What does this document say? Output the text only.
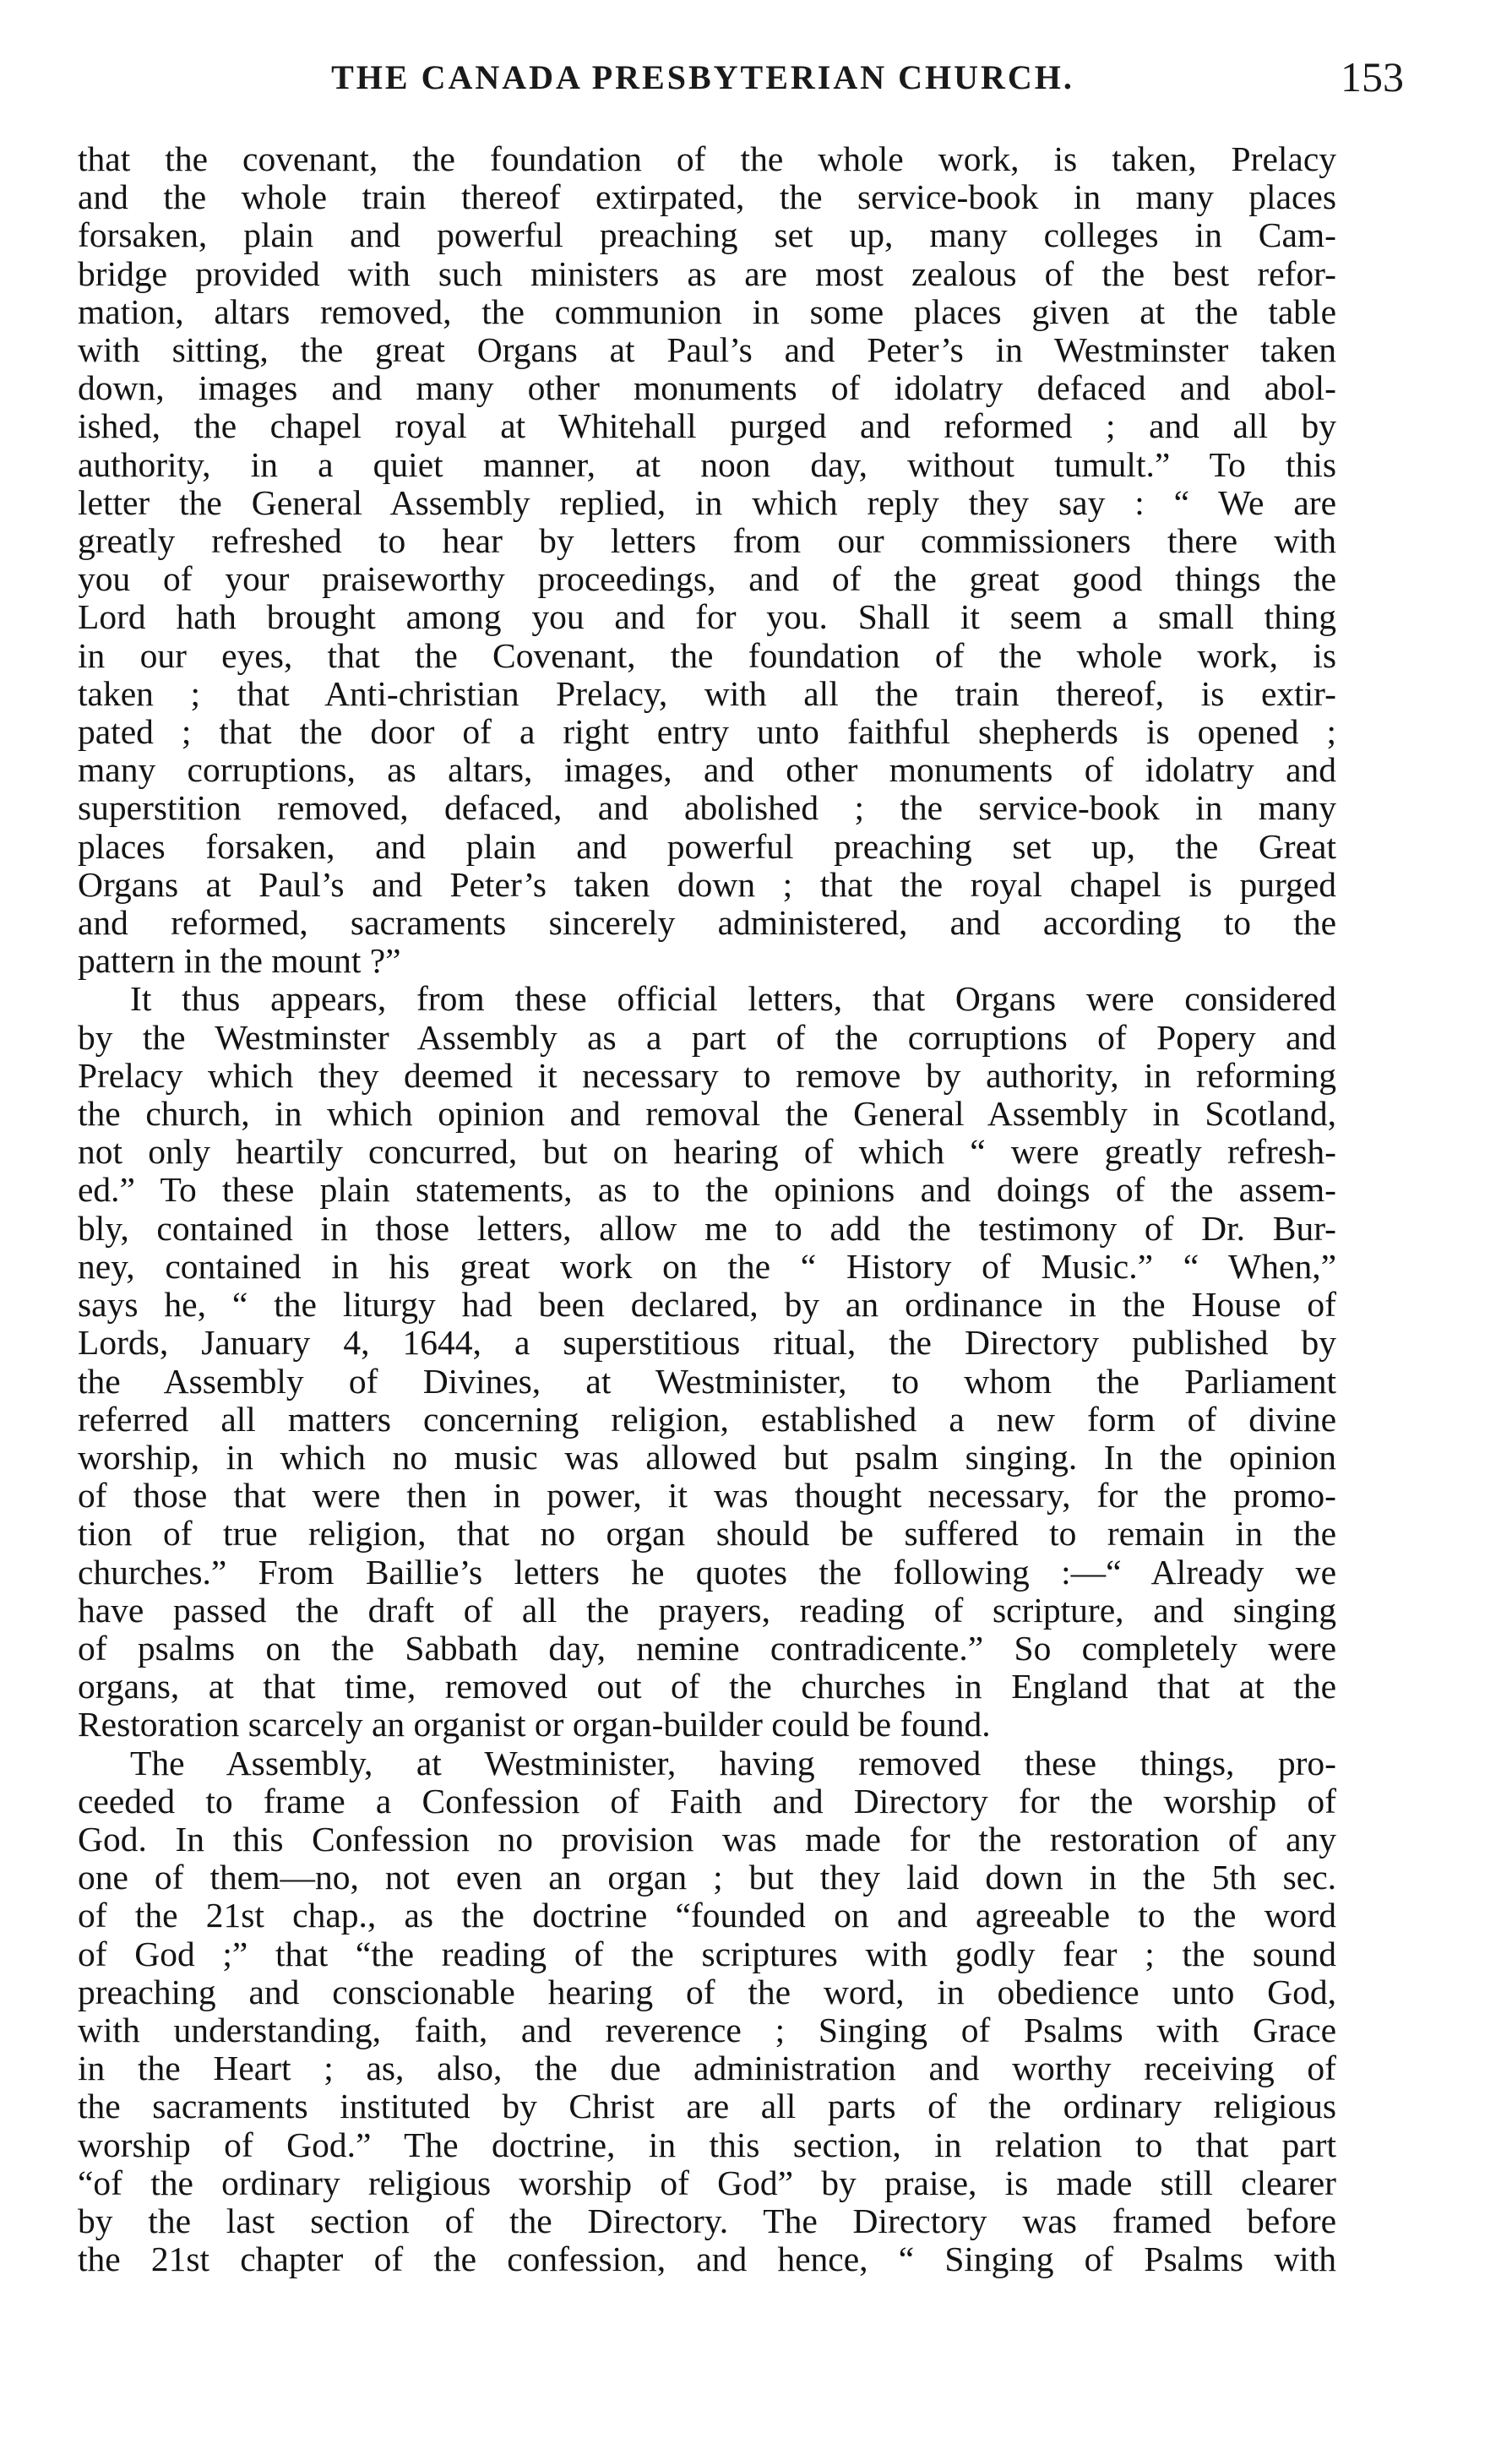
THE CANADA PRESBYTERIAN CHURCH.	153

that the covenant, the foundation of the whole work, is taken, Prelacy

and the whole train thereof extirpated, the service-book in many places

forsaken, plain and powerful preaching set up, many colleges in Cam-

bridge provided with such ministers as are most zealous of the best refor-

mation, altars removed, the communion in some places given at the table

with sitting, the great Organs at Paul’s and Peter’s in Westminster taken

down, images and many other monuments of idolatry defaced and abol-

ished, the chapel royal at Whitehall purged and reformed ; and all by

authority, in a quiet manner, at noon day, without tumult.” To this

letter the General Assembly replied, in which reply they say : “ We are

greatly refreshed to hear by letters from our commissioners there with

you of your praiseworthy proceedings, and of the great good things the

Lord hath brought among you and for you. Shall it seem a small thing

in our eyes, that the Covenant, the foundation of the whole work, is

taken ; that Anti-christian Prelacy, with all the train thereof, is extir-

pated ; that the door of a right entry unto faithful shepherds is opened ;

many corruptions, as altars, images, and other monuments of idolatry and

superstition removed, defaced, and abolished ; the service-book in many

places forsaken, and plain and powerful preaching set up, the Great

Organs at Paul’s and Peter’s taken down ; that the royal chapel is purged

and reformed, sacraments sincerely administered, and according to the

pattern in the mount ?”

It thus appears, from these official letters, that Organs were considered

by the Westminster Assembly as a part of the corruptions of Popery and

Prelacy which they deemed it necessary to remove by authority, in reforming

the church, in which opinion and removal the General Assembly in Scotland,

not only heartily concurred, but on hearing of which “ were greatly refresh-

ed.” To these plain statements, as to the opinions and doings of the assem-

bly, contained in those letters, allow me to add the testimony of Dr. Bur-

ney, contained in his great work on the “ History of Music.” “ When,”

says he, “ the liturgy had been declared, by an ordinance in the House of

Lords, January 4, 1644, a superstitious ritual, the Directory published by

the Assembly of Divines, at Westminister, to whom the Parliament

referred all matters concerning religion, established a new form of divine

worship, in which no music was allowed but psalm singing. In the opinion

of those that were then in power, it was thought necessary, for the promo-

tion of true religion, that no organ should be suffered to remain in the

churches.” From Baillie’s letters he quotes the following :—“ Already we

have passed the draft of all the prayers, reading of scripture, and singing

of psalms on the Sabbath day, nemine contradicente.” So completely were

organs, at that time, removed out of the churches in England that at the

Restoration scarcely an organist or organ-builder could be found.

The Assembly, at Westminister, having removed these things, pro-

ceeded to frame a Confession of Faith and Directory for the worship of

God. In this Confession no provision was made for the restoration of any

one of them—no, not even an organ ; but they laid down in the 5th sec.

of the 21st chap., as the doctrine “founded on and agreeable to the word

of God ;” that “the reading of the scriptures with godly fear ; the sound

preaching and conscionable hearing of the word, in obedience unto God,

with understanding, faith, and reverence ; Singing of Psalms with Grace

in the Heart ; as, also, the due administration and worthy receiving of

the sacraments instituted by Christ are all parts of the ordinary religious

worship of God.” The doctrine, in this section, in relation to that part

“of the ordinary religious worship of God” by praise, is made still clearer

by the last section of the Directory. The Directory was framed before

the 21st chapter of the confession, and hence, “ Singing of Psalms with
